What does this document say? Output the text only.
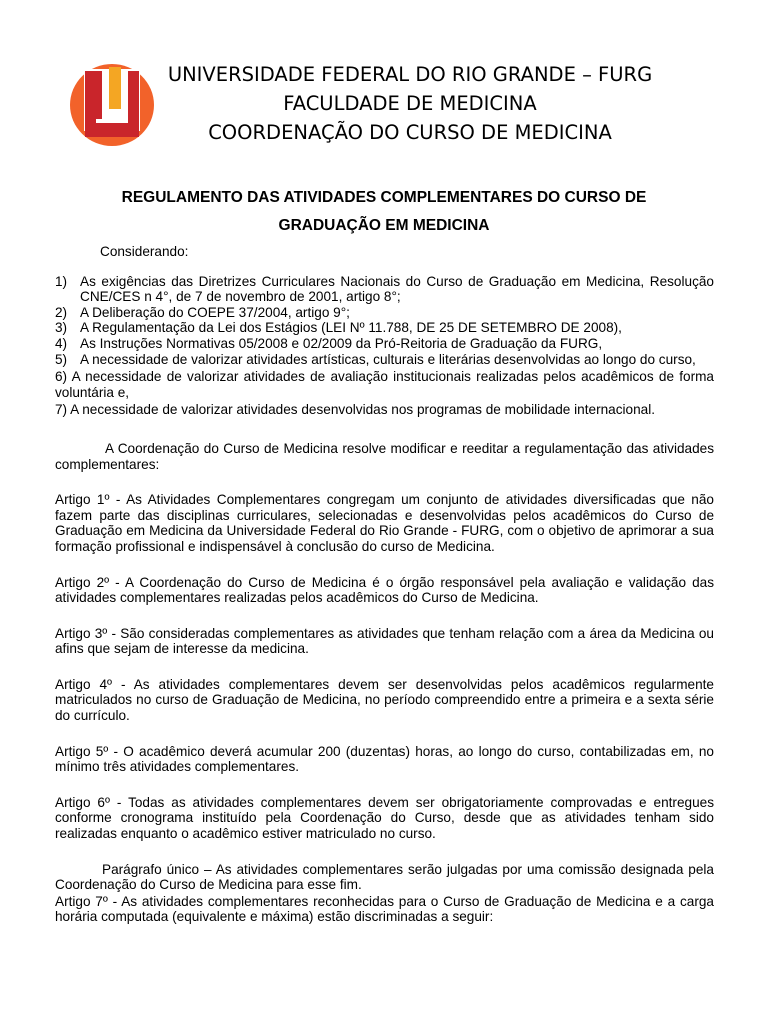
UNIVERSIDADE FEDERAL DO RIO GRANDE – FURG
FACULDADE DE MEDICINA
COORDENAÇÃO DO CURSO DE MEDICINA
REGULAMENTO DAS ATIVIDADES COMPLEMENTARES DO CURSO DE
GRADUAÇÃO EM MEDICINA

Considerando:

1) As exigências das Diretrizes Curriculares Nacionais do Curso de Graduação em Medicina, Resolução CNE/CES n 4°, de 7 de novembro de 2001, artigo 8°;
2) A Deliberação do COEPE 37/2004, artigo 9°;
3) A Regulamentação da Lei dos Estágios (LEI Nº 11.788, DE 25 DE SETEMBRO DE 2008),
4) As Instruções Normativas 05/2008 e 02/2009 da Pró-Reitoria de Graduação da FURG,
5) A necessidade de valorizar atividades artísticas, culturais e literárias desenvolvidas ao longo do curso,
6) A necessidade de valorizar atividades de avaliação institucionais realizadas pelos acadêmicos de forma voluntária e,
7) A necessidade de valorizar atividades desenvolvidas nos programas de mobilidade internacional.

A Coordenação do Curso de Medicina resolve modificar e reeditar a regulamentação das atividades complementares:

Artigo 1º - As Atividades Complementares congregam um conjunto de atividades diversificadas que não fazem parte das disciplinas curriculares, selecionadas e desenvolvidas pelos acadêmicos do Curso de Graduação em Medicina da Universidade Federal do Rio Grande - FURG, com o objetivo de aprimorar a sua formação profissional e indispensável à conclusão do curso de Medicina.

Artigo 2º - A Coordenação do Curso de Medicina é o órgão responsável pela avaliação e validação das atividades complementares realizadas pelos acadêmicos do Curso de Medicina.

Artigo 3º - São consideradas complementares as atividades que tenham relação com a área da Medicina ou afins que sejam de interesse da medicina.

Artigo 4º - As atividades complementares devem ser desenvolvidas pelos acadêmicos regularmente matriculados no curso de Graduação de Medicina, no período compreendido entre a primeira e a sexta série do currículo.

Artigo 5º - O acadêmico deverá acumular 200 (duzentas) horas, ao longo do curso, contabilizadas em, no mínimo três atividades complementares.

Artigo 6º - Todas as atividades complementares devem ser obrigatoriamente comprovadas e entregues conforme cronograma instituído pela Coordenação do Curso, desde que as atividades tenham sido realizadas enquanto o acadêmico estiver matriculado no curso.

Parágrafo único – As atividades complementares serão julgadas por uma comissão designada pela Coordenação do Curso de Medicina para esse fim.

Artigo 7º - As atividades complementares reconhecidas para o Curso de Graduação de Medicina e a carga horária computada (equivalente e máxima) estão discriminadas a seguir:
